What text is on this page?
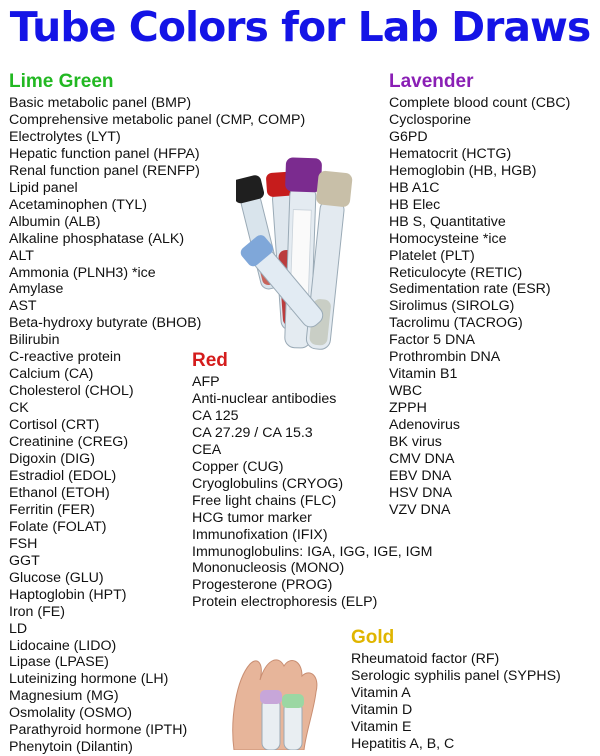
Tube Colors for Lab Draws
Lime Green
Basic metabolic panel (BMP)
Comprehensive metabolic panel (CMP, COMP)
Electrolytes (LYT)
Hepatic function panel (HFPA)
Renal function panel (RENFP)
Lipid panel
Acetaminophen (TYL)
Albumin (ALB)
Alkaline phosphatase (ALK)
ALT
Ammonia (PLNH3) *ice
Amylase
AST
Beta-hydroxy butyrate (BHOB)
Bilirubin
C-reactive protein
Calcium (CA)
Cholesterol (CHOL)
CK
Cortisol (CRT)
Creatinine (CREG)
Digoxin (DIG)
Estradiol (EDOL)
Ethanol (ETOH)
Ferritin (FER)
Folate (FOLAT)
FSH
GGT
Glucose (GLU)
Haptoglobin (HPT)
Iron (FE)
LD
Lidocaine (LIDO)
Lipase (LPASE)
Luteinizing hormone (LH)
Magnesium (MG)
Osmolality (OSMO)
Parathyroid hormone (IPTH)
Phenytoin (Dilantin)
Lavender
Complete blood count (CBC)
Cyclosporine
G6PD
Hematocrit (HCTG)
Hemoglobin (HB, HGB)
HB A1C
HB Elec
HB S, Quantitative
Homocysteine *ice
Platelet (PLT)
Reticulocyte (RETIC)
Sedimentation rate (ESR)
Sirolimus (SIROLG)
Tacrolimu (TACROG)
Factor 5 DNA
Prothrombin DNA
Vitamin B1
WBC
ZPPH
Adenovirus
BK virus
CMV DNA
EBV DNA
HSV DNA
VZV DNA
Red
AFP
Anti-nuclear antibodies
CA 125
CA 27.29 / CA 15.3
CEA
Copper (CUG)
Cryoglobulins (CRYOG)
Free light chains (FLC)
HCG tumor marker
Immunofixation (IFIX)
Immunoglobulins: IGA, IGG, IGE, IGM
Mononucleosis (MONO)
Progesterone (PROG)
Protein electrophoresis (ELP)
Gold
Rheumatoid factor (RF)
Serologic syphilis panel (SYPHS)
Vitamin A
Vitamin D
Vitamin E
Hepatitis A, B, C
